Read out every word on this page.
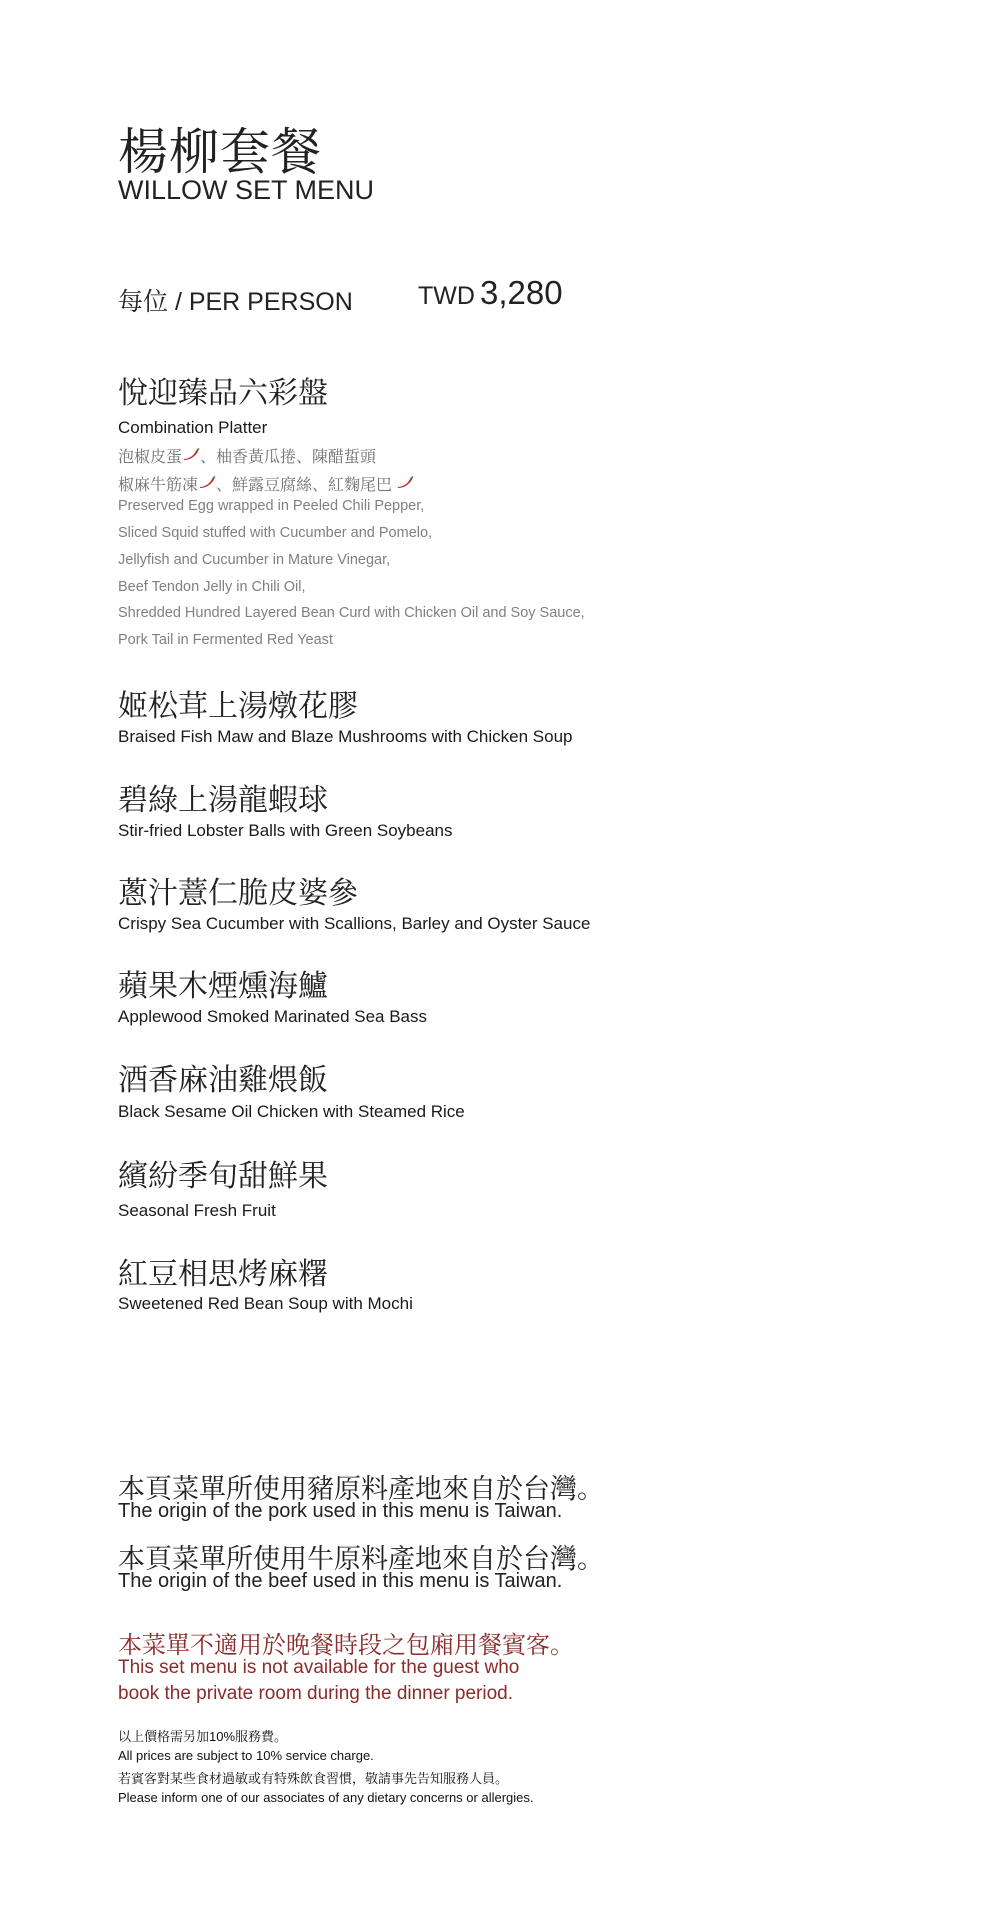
楊柳套餐
WILLOW SET MENU
每位 / PER PERSON	TWD 3,280
悅迎臻品六彩盤
Combination Platter
泡椒皮蛋 、柚香黃瓜捲、陳醋蜇頭
椒麻牛筋凍 、鮮露豆腐絲、紅麴尾巴
Preserved Egg wrapped in Peeled Chili Pepper,
Sliced Squid stuffed with Cucumber and Pomelo,
Jellyfish and Cucumber in Mature Vinegar,
Beef Tendon Jelly in Chili Oil,
Shredded Hundred Layered Bean Curd with Chicken Oil and Soy Sauce,
Pork Tail in Fermented Red Yeast
姬松茸上湯燉花膠
Braised Fish Maw and Blaze Mushrooms with Chicken Soup
碧綠上湯龍蝦球
Stir-fried Lobster Balls with Green Soybeans
蔥汁薏仁脆皮婆參
Crispy Sea Cucumber with Scallions, Barley and Oyster Sauce
蘋果木煙燻海鱸
Applewood Smoked Marinated Sea Bass
酒香麻油雞煨飯
Black Sesame Oil Chicken with Steamed Rice
繽紛季旬甜鮮果
Seasonal Fresh Fruit
紅豆相思烤麻糬
Sweetened Red Bean Soup with Mochi
本頁菜單所使用豬原料產地來自於台灣。
The origin of the pork used in this menu is Taiwan.
本頁菜單所使用牛原料產地來自於台灣。
The origin of the beef used in this menu is Taiwan.
本菜單不適用於晚餐時段之包廂用餐賓客。
This set menu is not available for the guest who
book the private room during the dinner period.
以上價格需另加10%服務費。
All prices are subject to 10% service charge.
若賓客對某些食材過敏或有特殊飲食習慣，敬請事先告知服務人員。
Please inform one of our associates of any dietary concerns or allergies.
